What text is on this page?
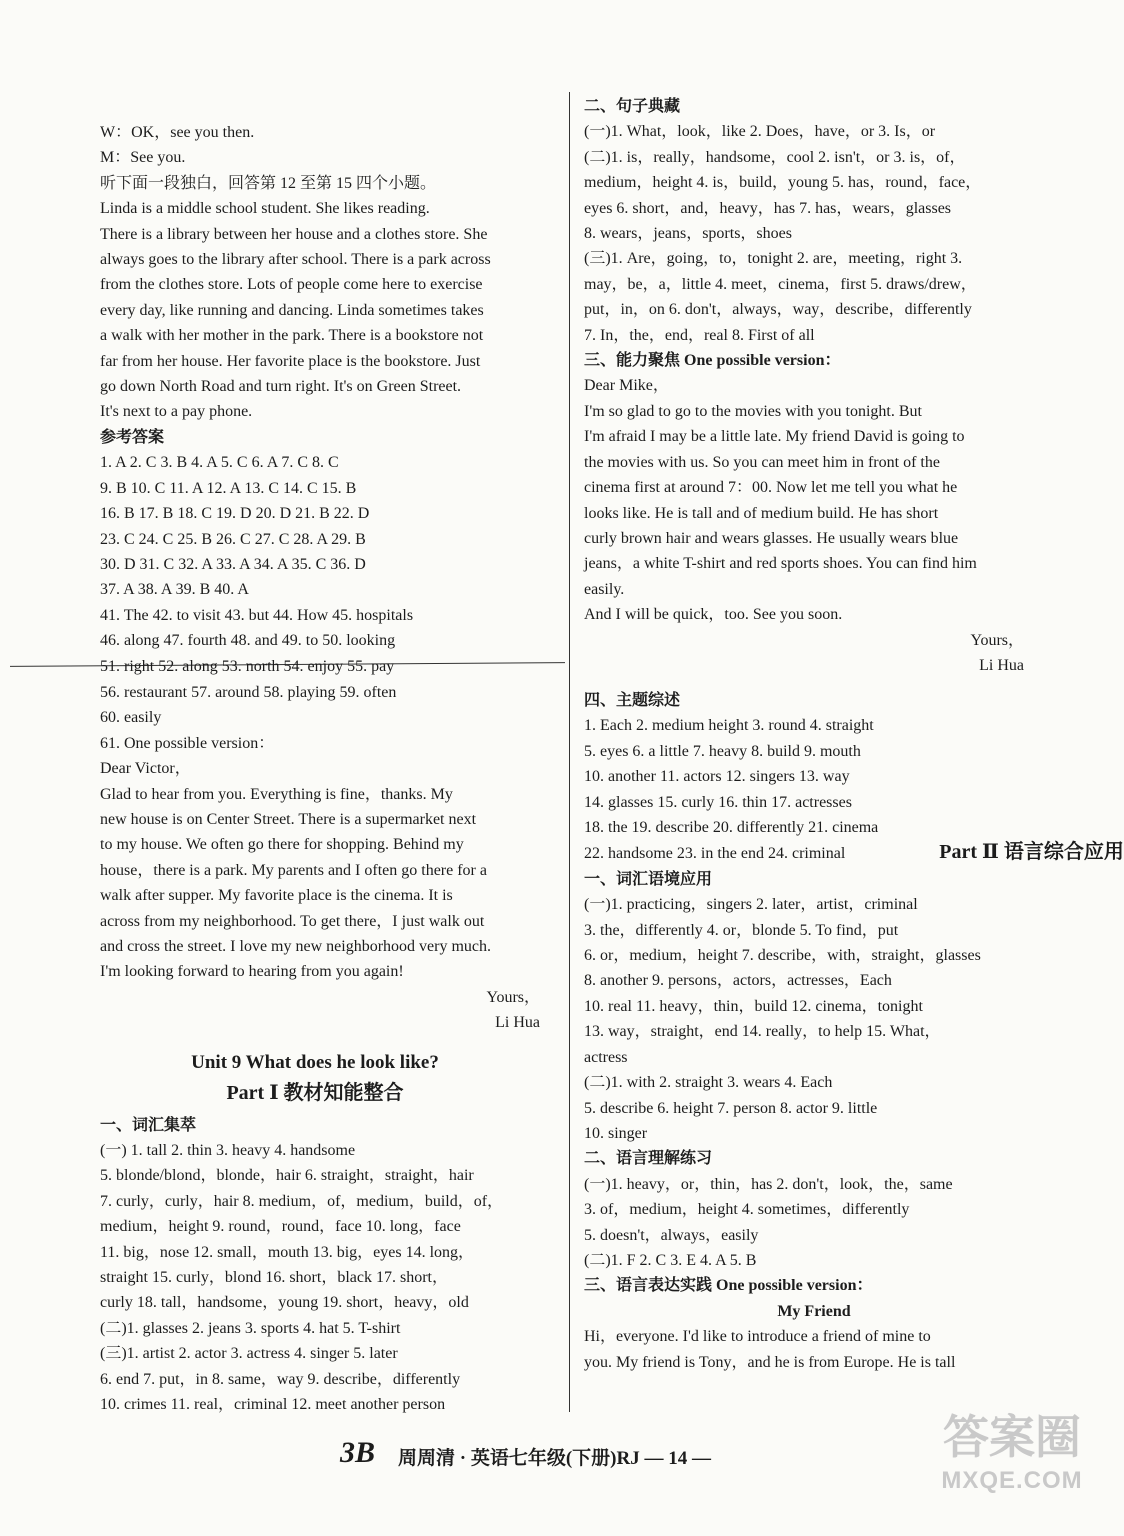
W：OK，see you then.
M：See you.
听下面一段独白，回答第 12 至第 15 四个小题。
Linda is a middle school student. She likes reading.
There is a library between her house and a clothes store. She
always goes to the library after school. There is a park across
from the clothes store. Lots of people come here to exercise
every day, like running and dancing. Linda sometimes takes
a walk with her mother in the park. There is a bookstore not
far from her house. Her favorite place is the bookstore. Just
go down North Road and turn right. It's on Green Street.
It's next to a pay phone.
参考答案
1. A 2. C 3. B 4. A 5. C 6. A 7. C 8. C
9. B 10. C 11. A 12. A 13. C 14. C 15. B
16. B 17. B 18. C 19. D 20. D 21. B 22. D
23. C 24. C 25. B 26. C 27. C 28. A 29. B
30. D 31. C 32. A 33. A 34. A 35. C 36. D
37. A 38. A 39. B 40. A
41. The 42. to visit 43. but 44. How 45. hospitals
46. along 47. fourth 48. and 49. to 50. looking
51. right 52. along 53. north 54. enjoy 55. pay
56. restaurant 57. around 58. playing 59. often
60. easily
61. One possible version：
Dear Victor，
Glad to hear from you. Everything is fine，thanks. My
new house is on Center Street. There is a supermarket next
to my house. We often go there for shopping. Behind my
house，there is a park. My parents and I often go there for a
walk after supper. My favorite place is the cinema. It is
across from my neighborhood. To get there，I just walk out
and cross the street. I love my new neighborhood very much.
I'm looking forward to hearing from you again!
Yours，
Li Hua
Unit 9 What does he look like?
Part Ⅰ 教材知能整合
一、词汇集萃
(一) 1. tall 2. thin 3. heavy 4. handsome
5. blonde/blond，blonde，hair 6. straight，straight，hair
7. curly，curly，hair 8. medium，of，medium，build，of，
medium，height 9. round，round，face 10. long，face
11. big，nose 12. small，mouth 13. big，eyes 14. long，
straight 15. curly，blond 16. short，black 17. short，
curly 18. tall，handsome，young 19. short，heavy，old
(二)1. glasses 2. jeans 3. sports 4. hat 5. T-shirt
(三)1. artist 2. actor 3. actress 4. singer 5. later
6. end 7. put，in 8. same，way 9. describe，differently
10. crimes 11. real，criminal 12. meet another person
二、句子典藏
(一)1. What，look，like 2. Does，have，or 3. Is，or
(二)1. is，really，handsome，cool 2. isn't，or 3. is，of，
medium，height 4. is，build，young 5. has，round，face，
eyes 6. short，and，heavy，has 7. has，wears，glasses
8. wears，jeans，sports，shoes
(三)1. Are，going，to，tonight 2. are，meeting，right 3.
may，be，a，little 4. meet，cinema，first 5. draws/drew，
put，in，on 6. don't，always，way，describe，differently
7. In，the，end，real 8. First of all
三、能力聚焦 One possible version：
Dear Mike，
I'm so glad to go to the movies with you tonight. But
I'm afraid I may be a little late. My friend David is going to
the movies with us. So you can meet him in front of the
cinema first at around 7：00. Now let me tell you what he
looks like. He is tall and of medium build. He has short
curly brown hair and wears glasses. He usually wears blue
jeans，a white T-shirt and red sports shoes. You can find him
easily.
And I will be quick，too. See you soon.
Yours，
Li Hua
四、主题综述
1. Each 2. medium height 3. round 4. straight
5. eyes 6. a little 7. heavy 8. build 9. mouth
10. another 11. actors 12. singers 13. way
14. glasses 15. curly 16. thin 17. actresses
18. the 19. describe 20. differently 21. cinema
22. handsome 23. in the end 24. criminal	Part Ⅱ 语言综合应用
一、词汇语境应用
(一)1. practicing，singers 2. later，artist，criminal
3. the，differently 4. or，blonde 5. To find，put
6. or，medium，height 7. describe，with，straight，glasses
8. another 9. persons，actors，actresses，Each
10. real 11. heavy，thin，build 12. cinema，tonight
13. way，straight，end 14. really，to help 15. What，
actress
(二)1. with 2. straight 3. wears 4. Each
5. describe 6. height 7. person 8. actor 9. little
10. singer
二、语言理解练习
(一)1. heavy，or，thin，has 2. don't，look，the，same
3. of，medium，height 4. sometimes，differently
5. doesn't，always，easily
(二)1. F 2. C 3. E 4. A 5. B
三、语言表达实践 One possible version：
My Friend
Hi，everyone. I'd like to introduce a friend of mine to
you. My friend is Tony，and he is from Europe. He is tall
3B	周周清 · 英语七年级(下册)RJ — 14 —	答案圈
MXQE.COM
